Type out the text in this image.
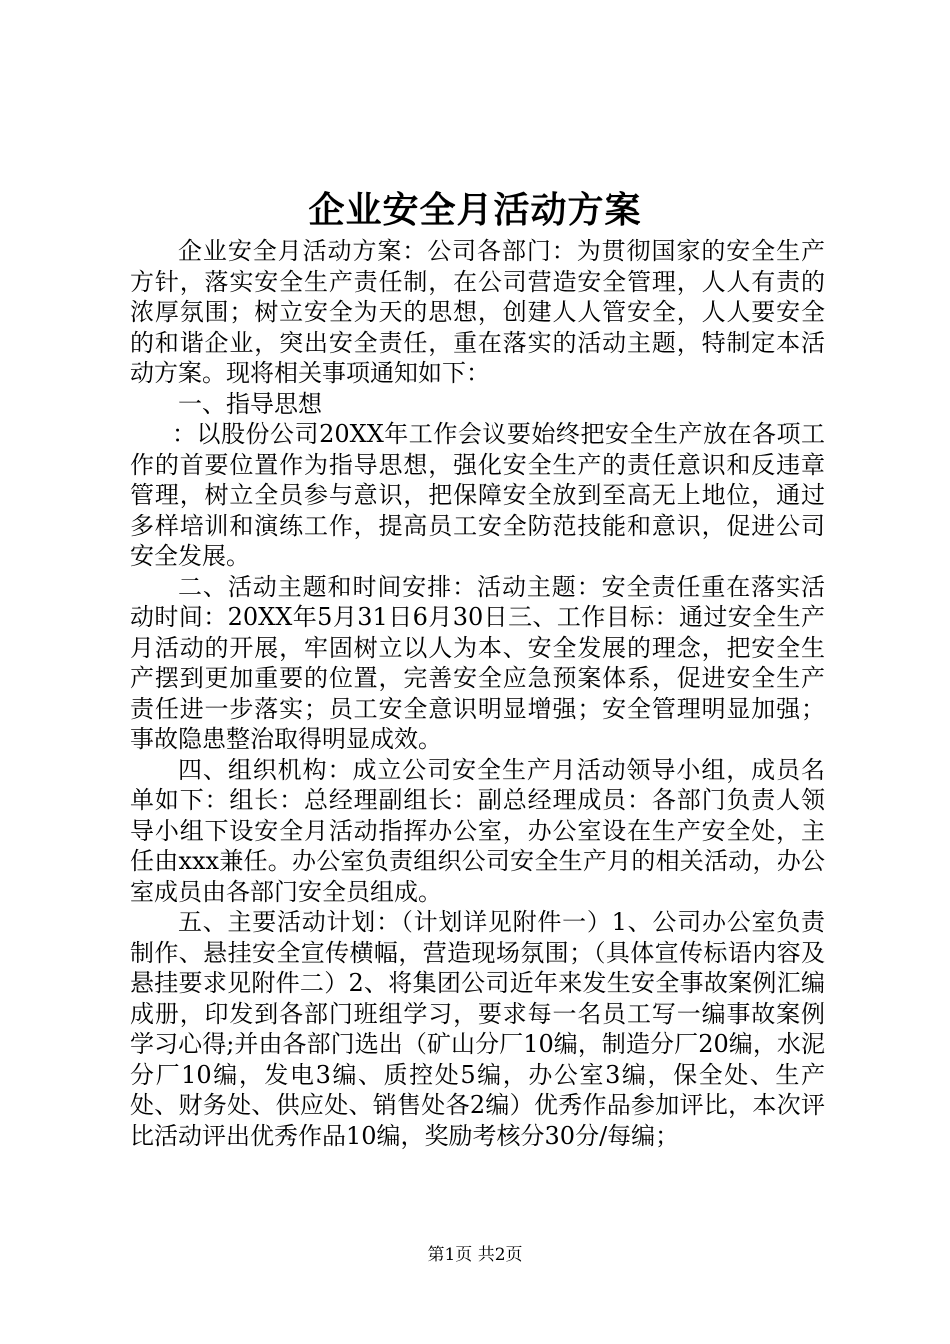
企业安全月活动方案

企业安全月活动方案：公司各部门：为贯彻国家的安全生产方针，落实安全生产责任制，在公司营造安全管理，人人有责的浓厚氛围；树立安全为天的思想，创建人人管安全，人人要安全的和谐企业，突出安全责任，重在落实的活动主题，特制定本活动方案。现将相关事项通知如下：

一、指导思想

：以股份公司20XX年工作会议要始终把安全生产放在各项工作的首要位置作为指导思想，强化安全生产的责任意识和反违章管理，树立全员参与意识，把保障安全放到至高无上地位，通过多样培训和演练工作，提高员工安全防范技能和意识，促进公司安全发展。

二、活动主题和时间安排：活动主题：安全责任重在落实活动时间：20XX年5月31日6月30日三、工作目标：通过安全生产月活动的开展，牢固树立以人为本、安全发展的理念，把安全生产摆到更加重要的位置，完善安全应急预案体系，促进安全生产责任进一步落实；员工安全意识明显增强；安全管理明显加强；事故隐患整治取得明显成效。

四、组织机构：成立公司安全生产月活动领导小组，成员名单如下：组长：总经理副组长：副总经理成员：各部门负责人领导小组下设安全月活动指挥办公室，办公室设在生产安全处，主任由xxx兼任。办公室负责组织公司安全生产月的相关活动，办公室成员由各部门安全员组成。

五、主要活动计划：（计划详见附件一）1、公司办公室负责制作、悬挂安全宣传横幅，营造现场氛围；（具体宣传标语内容及悬挂要求见附件二）2、将集团公司近年来发生安全事故案例汇编成册，印发到各部门班组学习，要求每一名员工写一编事故案例学习心得;并由各部门选出（矿山分厂10编，制造分厂20编，水泥分厂10编，发电3编、质控处5编，办公室3编，保全处、生产处、财务处、供应处、销售处各2编）优秀作品参加评比，本次评比活动评出优秀作品10编，奖励考核分30分/每编；

第1页 共2页
